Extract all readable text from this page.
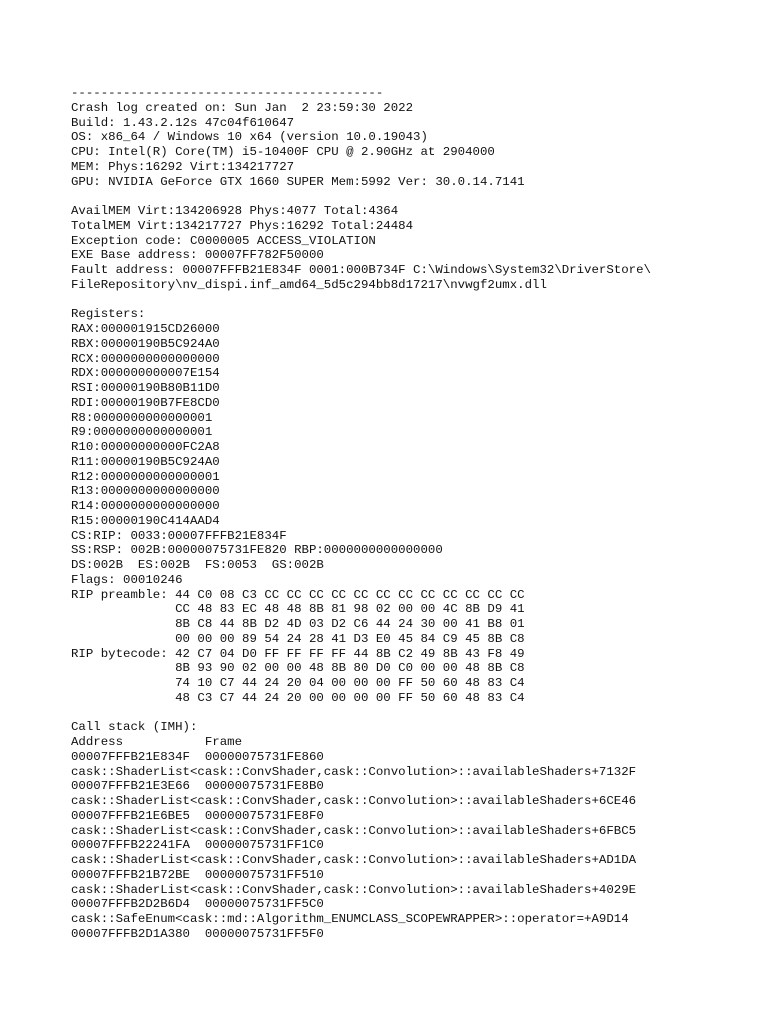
------------------------------------------
Crash log created on: Sun Jan  2 23:59:30 2022
Build: 1.43.2.12s 47c04f610647
OS: x86_64 / Windows 10 x64 (version 10.0.19043)
CPU: Intel(R) Core(TM) i5-10400F CPU @ 2.90GHz at 2904000
MEM: Phys:16292 Virt:134217727
GPU: NVIDIA GeForce GTX 1660 SUPER Mem:5992 Ver: 30.0.14.7141
AvailMEM Virt:134206928 Phys:4077 Total:4364
TotalMEM Virt:134217727 Phys:16292 Total:24484
Exception code: C0000005 ACCESS_VIOLATION
EXE Base address: 00007FF782F50000
Fault address: 00007FFFB21E834F 0001:000B734F C:\Windows\System32\DriverStore\
FileRepository\nv_dispi.inf_amd64_5d5c294bb8d17217\nvwgf2umx.dll
Registers:
RAX:000001915CD26000
RBX:00000190B5C924A0
RCX:0000000000000000
RDX:000000000007E154
RSI:00000190B80B11D0
RDI:00000190B7FE8CD0
R8:0000000000000001
R9:0000000000000001
R10:00000000000FC2A8
R11:00000190B5C924A0
R12:0000000000000001
R13:0000000000000000
R14:0000000000000000
R15:00000190C414AAD4
CS:RIP: 0033:00007FFFB21E834F
SS:RSP: 002B:00000075731FE820 RBP:0000000000000000
DS:002B  ES:002B  FS:0053  GS:002B
Flags: 00010246
RIP preamble: 44 C0 08 C3 CC CC CC CC CC CC CC CC CC CC CC CC
CC 48 83 EC 48 48 8B 81 98 02 00 00 4C 8B D9 41
8B C8 44 8B D2 4D 03 D2 C6 44 24 30 00 41 B8 01
00 00 00 89 54 24 28 41 D3 E0 45 84 C9 45 8B C8
RIP bytecode: 42 C7 04 D0 FF FF FF FF 44 8B C2 49 8B 43 F8 49
8B 93 90 02 00 00 48 8B 80 D0 C0 00 00 48 8B C8
74 10 C7 44 24 20 04 00 00 00 FF 50 60 48 83 C4
48 C3 C7 44 24 20 00 00 00 00 FF 50 60 48 83 C4
Call stack (IMH):
Address           Frame
00007FFFB21E834F  00000075731FE860
cask::ShaderList<cask::ConvShader,cask::Convolution>::availableShaders+7132F
00007FFFB21E3E66  00000075731FE8B0
cask::ShaderList<cask::ConvShader,cask::Convolution>::availableShaders+6CE46
00007FFFB21E6BE5  00000075731FE8F0
cask::ShaderList<cask::ConvShader,cask::Convolution>::availableShaders+6FBC5
00007FFFB22241FA  00000075731FF1C0
cask::ShaderList<cask::ConvShader,cask::Convolution>::availableShaders+AD1DA
00007FFFB21B72BE  00000075731FF510
cask::ShaderList<cask::ConvShader,cask::Convolution>::availableShaders+4029E
00007FFFB2D2B6D4  00000075731FF5C0
cask::SafeEnum<cask::md::Algorithm_ENUMCLASS_SCOPEWRAPPER>::operator=+A9D14
00007FFFB2D1A380  00000075731FF5F0
